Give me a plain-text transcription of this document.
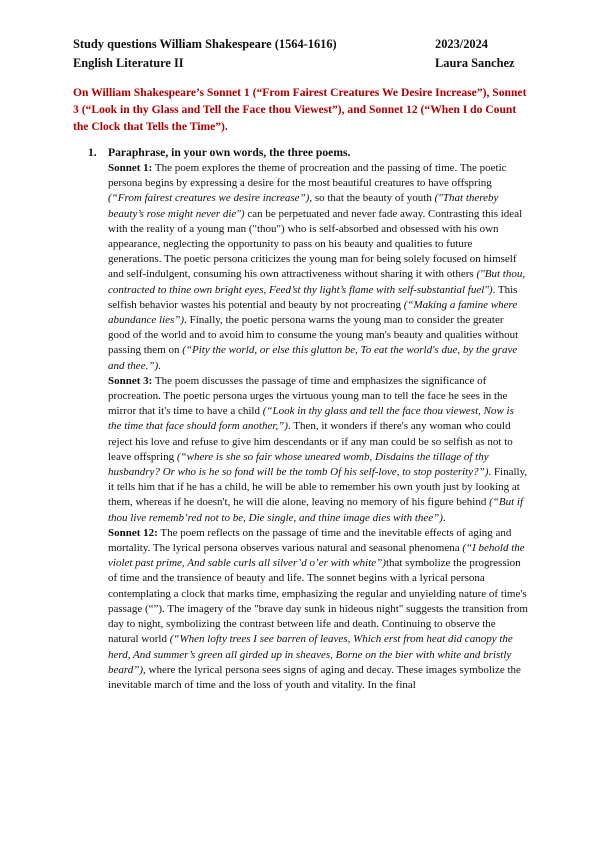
Study questions William Shakespeare (1564-1616)	2023/2024
English Literature II	Laura Sanchez
On William Shakespeare’s Sonnet 1 (“From Fairest Creatures We Desire Increase”), Sonnet 3 (“Look in thy Glass and Tell the Face thou Viewest”), and Sonnet 12 (“When I do Count the Clock that Tells the Time”).
1. Paraphrase, in your own words, the three poems.

Sonnet 1: The poem explores the theme of procreation and the passing of time. The poetic persona begins by expressing a desire for the most beautiful creatures to have offspring (“From fairest creatures we desire increase”), so that the beauty of youth ("That thereby beauty’s rose might never die") can be perpetuated and never fade away. Contrasting this ideal with the reality of a young man ("thou") who is self-absorbed and obsessed with his own appearance, neglecting the opportunity to pass on his beauty and qualities to future generations. The poetic persona criticizes the young man for being solely focused on himself and self-indulgent, consuming his own attractiveness without sharing it with others ("But thou, contracted to thine own bright eyes, Feed’st thy light’s flame with self-substantial fuel"). This selfish behavior wastes his potential and beauty by not procreating (“Making a famine where abundance lies”). Finally, the poetic persona warns the young man to consider the greater good of the world and to avoid him to consume the young man's beauty and qualities without passing them on (“Pity the world, or else this glutton be, To eat the world's due, by the grave and thee.”).

Sonnet 3: The poem discusses the passage of time and emphasizes the significance of procreation. The poetic persona urges the virtuous young man to tell the face he sees in the mirror that it's time to have a child (“Look in thy glass and tell the face thou viewest, Now is the time that face should form another,”). Then, it wonders if there's any woman who could reject his love and refuse to give him descendants or if any man could be so selfish as not to leave offspring (“where is she so fair whose uneared womb, Disdains the tillage of thy husbandry? Or who is he so fond will be the tomb Of his self-love, to stop posterity?”). Finally, it tells him that if he has a child, he will be able to remember his own youth just by looking at them, whereas if he doesn't, he will die alone, leaving no memory of his figure behind (“But if thou live rememb’red not to be, Die single, and thine image dies with thee”).

Sonnet 12: The poem reflects on the passage of time and the inevitable effects of aging and mortality. The lyrical persona observes various natural and seasonal phenomena (“I behold the violet past prime, And sable curls all silver’d o’er with white”)that symbolize the progression of time and the transience of beauty and life. The sonnet begins with a lyrical persona contemplating a clock that marks time, emphasizing the regular and unyielding nature of time's passage (“”). The imagery of the "brave day sunk in hideous night" suggests the transition from day to night, symbolizing the contrast between life and death. Continuing to observe the natural world (“When lofty trees I see barren of leaves, Which erst from heat did canopy the herd, And summer’s green all girded up in sheaves, Borne on the bier with white and bristly beard”), where the lyrical persona sees signs of aging and decay. These images symbolize the inevitable march of time and the loss of youth and vitality. In the final
